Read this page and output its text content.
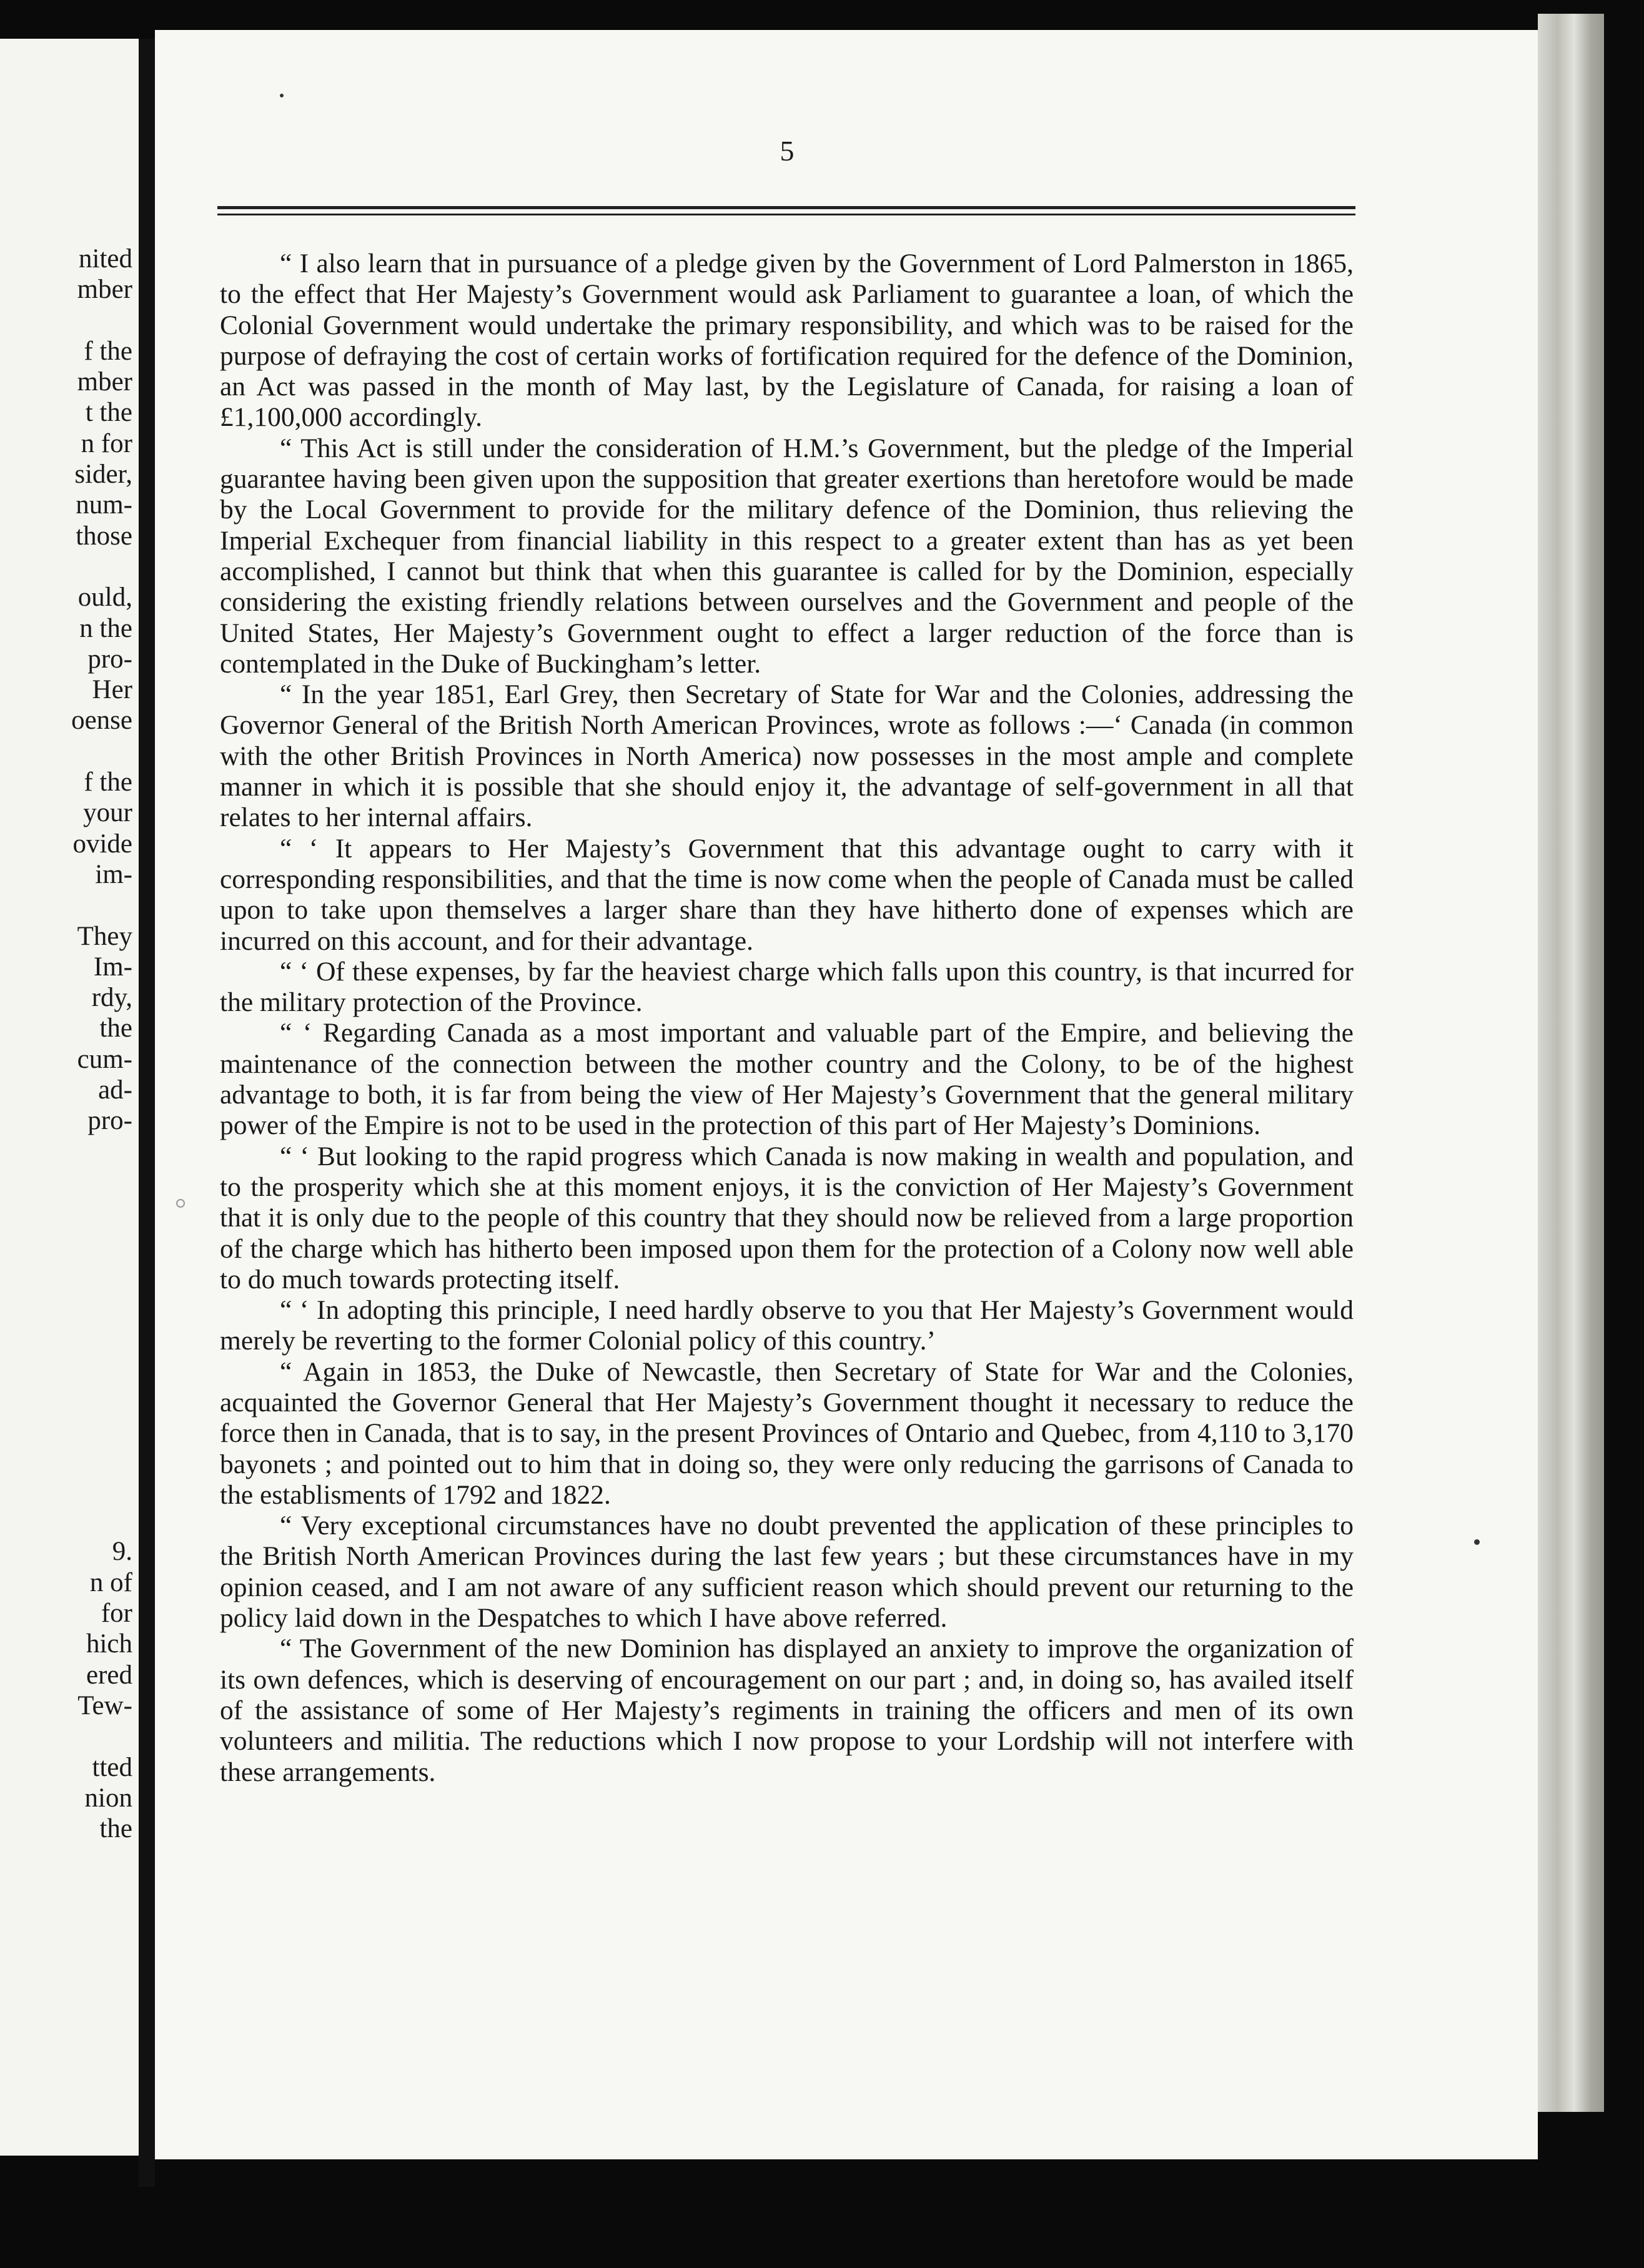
nited
mber
f the
mber
t the
n for
sider,
num-
those
ould,
n the
pro-
Her
oense
f the
your
ovide
im-
They
Im-
rdy,
the
cum-
ad-
pro-
9.
n of
for
hich
ered
Tew-
tted
nion
the
5

“ I also learn that in pursuance of a pledge given by the Government of Lord Palmerston in 1865, to the effect that Her Majesty’s Government would ask Parliament to guarantee a loan, of which the Colonial Government would undertake the primary responsibility, and which was to be raised for the purpose of defraying the cost of certain works of fortification required for the defence of the Dominion, an Act was passed in the month of May last, by the Legislature of Canada, for raising a loan of £1,100,000 accordingly.

“ This Act is still under the consideration of H.M.’s Government, but the pledge of the Imperial guarantee having been given upon the supposition that greater exertions than heretofore would be made by the Local Government to provide for the military defence of the Dominion, thus relieving the Imperial Exchequer from financial liability in this respect to a greater extent than has as yet been accomplished, I cannot but think that when this guarantee is called for by the Dominion, especially considering the existing friendly relations between ourselves and the Government and people of the United States, Her Majesty’s Government ought to effect a larger reduction of the force than is contemplated in the Duke of Buckingham’s letter.

“ In the year 1851, Earl Grey, then Secretary of State for War and the Colonies, addressing the Governor General of the British North American Provinces, wrote as follows :—‘ Canada (in common with the other British Provinces in North America) now possesses in the most ample and complete manner in which it is possible that she should enjoy it, the advantage of self-government in all that relates to her internal affairs.

“ ‘ It appears to Her Majesty’s Government that this advantage ought to carry with it corresponding responsibilities, and that the time is now come when the people of Canada must be called upon to take upon themselves a larger share than they have hitherto done of expenses which are incurred on this account, and for their advantage.

“ ‘ Of these expenses, by far the heaviest charge which falls upon this country, is that incurred for the military protection of the Province.

“ ‘ Regarding Canada as a most important and valuable part of the Empire, and believing the maintenance of the connection between the mother country and the Colony, to be of the highest advantage to both, it is far from being the view of Her Majesty’s Government that the general military power of the Empire is not to be used in the protection of this part of Her Majesty’s Dominions.

“ ‘ But looking to the rapid progress which Canada is now making in wealth and population, and to the prosperity which she at this moment enjoys, it is the conviction of Her Majesty’s Government that it is only due to the people of this country that they should now be relieved from a large proportion of the charge which has hitherto been imposed upon them for the protection of a Colony now well able to do much towards protecting itself.

“ ‘ In adopting this principle, I need hardly observe to you that Her Majesty’s Government would merely be reverting to the former Colonial policy of this country.’

“ Again in 1853, the Duke of Newcastle, then Secretary of State for War and the Colonies, acquainted the Governor General that Her Majesty’s Government thought it necessary to reduce the force then in Canada, that is to say, in the present Provinces of Ontario and Quebec, from 4,110 to 3,170 bayonets ; and pointed out to him that in doing so, they were only reducing the garrisons of Canada to the establisments of 1792 and 1822.

“ Very exceptional circumstances have no doubt prevented the application of these principles to the British North American Provinces during the last few years ; but these circumstances have in my opinion ceased, and I am not aware of any sufficient reason which should prevent our returning to the policy laid down in the Despatches to which I have above referred.

“ The Government of the new Dominion has displayed an anxiety to improve the organization of its own defences, which is deserving of encouragement on our part ; and, in doing so, has availed itself of the assistance of some of Her Majesty’s regiments in training the officers and men of its own volunteers and militia. The reductions which I now propose to your Lordship will not interfere with these arrangements.
